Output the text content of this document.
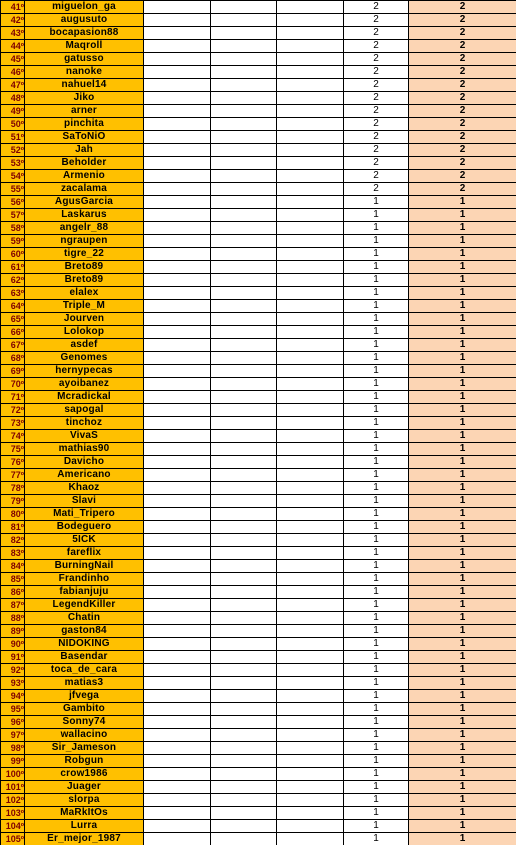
41º	miguelon_ga				2	2
42º	augusuto				2	2
43º	bocapasion88				2	2
44º	Maqroll				2	2
45º	gatusso				2	2
46º	nanoke				2	2
47º	nahuel14				2	2
48º	Jiko				2	2
49º	arner				2	2
50º	pinchita				2	2
51º	SaToNiO				2	2
52º	Jah				2	2
53º	Beholder				2	2
54º	Armenio				2	2
55º	zacalama				2	2
56º	AgusGarcia				1	1
57º	Laskarus				1	1
58º	angelr_88				1	1
59º	ngraupen				1	1
60º	tigre_22				1	1
61º	Breto89				1	1
62º	Breto89				1	1
63º	elalex				1	1
64º	Triple_M				1	1
65º	Jourven				1	1
66º	Lolokop				1	1
67º	asdef				1	1
68º	Genomes				1	1
69º	hernypecas				1	1
70º	ayoibanez				1	1
71º	Mcradickal				1	1
72º	sapogal				1	1
73º	tinchoz				1	1
74º	VivaS				1	1
75º	mathias90				1	1
76º	Davicho				1	1
77º	Americano				1	1
78º	Khaoz				1	1
79º	Slavi				1	1
80º	Mati_Tripero				1	1
81º	Bodeguero				1	1
82º	5ICK				1	1
83º	fareflix				1	1
84º	BurningNail				1	1
85º	Frandinho				1	1
86º	fabianjuju				1	1
87º	LegendKiller				1	1
88º	Chatin				1	1
89º	gaston84				1	1
90º	NIDOKING				1	1
91º	Basendar				1	1
92º	toca_de_cara				1	1
93º	matias3				1	1
94º	jfvega				1	1
95º	Gambito				1	1
96º	Sonny74				1	1
97º	wallacino				1	1
98º	Sir_Jameson				1	1
99º	Robgun				1	1
100º	crow1986				1	1
101º	Juager				1	1
102º	slorpa				1	1
103º	MaRkItOs				1	1
104º	Lurra				1	1
105º	Er_mejor_1987				1	1
